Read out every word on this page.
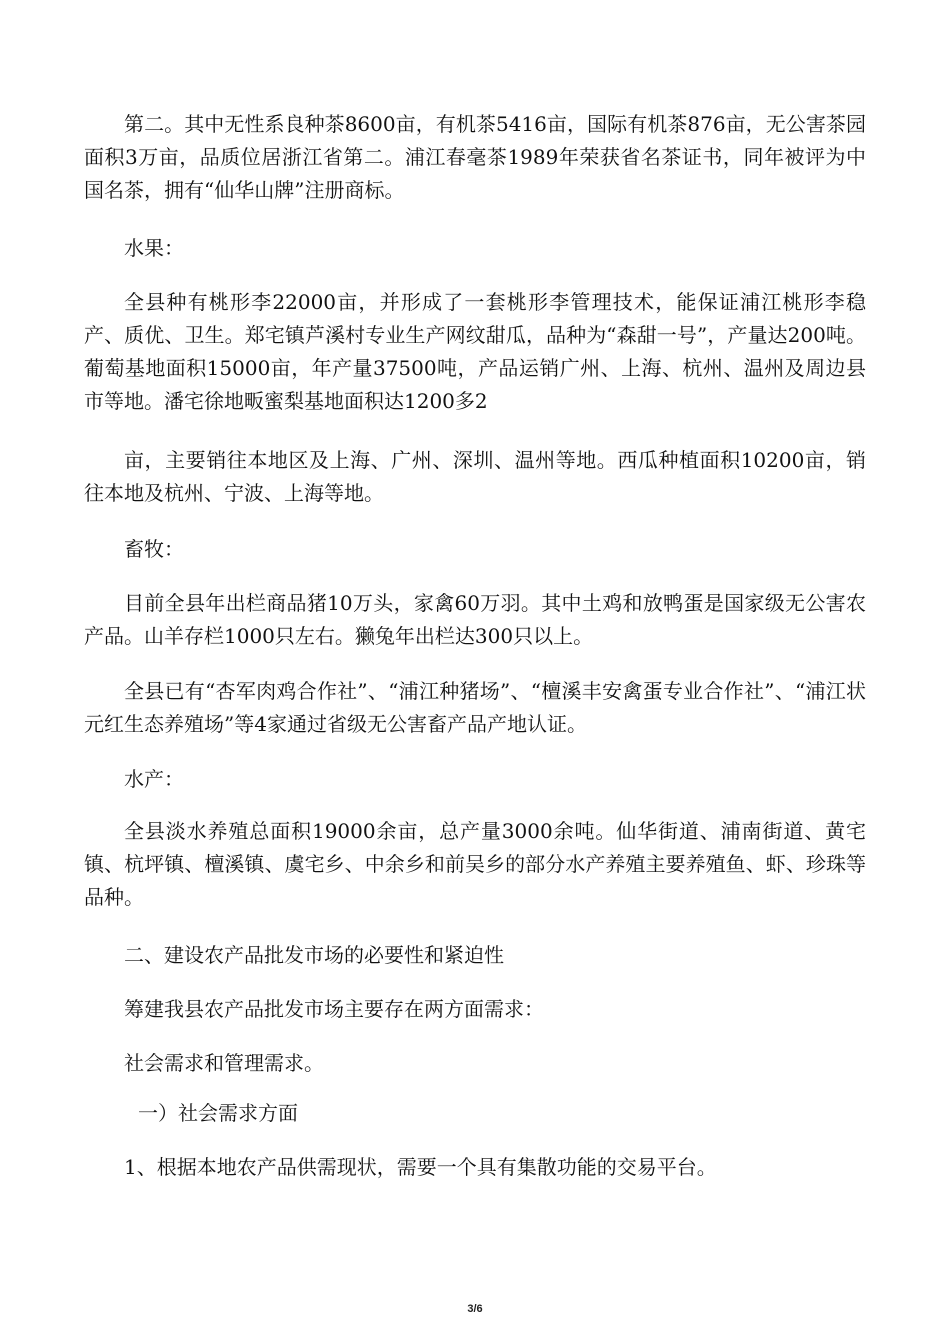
第二。其中无性系良种茶8600亩，有机茶5416亩，国际有机茶876亩，无公害茶园面积3万亩，品质位居浙江省第二。浦江春毫茶1989年荣获省名茶证书，同年被评为中国名茶，拥有“仙华山牌”注册商标。

水果：

全县种有桃形李22000亩，并形成了一套桃形李管理技术，能保证浦江桃形李稳产、质优、卫生。郑宅镇芦溪村专业生产网纹甜瓜，品种为“森甜一号”，产量达200吨。葡萄基地面积15000亩，年产量37500吨，产品运销广州、上海、杭州、温州及周边县市等地。潘宅徐地畈蜜梨基地面积达1200多2

亩，主要销往本地区及上海、广州、深圳、温州等地。西瓜种植面积10200亩，销往本地及杭州、宁波、上海等地。

畜牧：

目前全县年出栏商品猪10万头，家禽60万羽。其中土鸡和放鸭蛋是国家级无公害农产品。山羊存栏1000只左右。獭兔年出栏达300只以上。

全县已有“杏军肉鸡合作社”、“浦江种猪场”、“檀溪丰安禽蛋专业合作社”、“浦江状元红生态养殖场”等4家通过省级无公害畜产品产地认证。

水产：

全县淡水养殖总面积19000余亩，总产量3000余吨。仙华街道、浦南街道、黄宅镇、杭坪镇、檀溪镇、虞宅乡、中余乡和前吴乡的部分水产养殖主要养殖鱼、虾、珍珠等品种。

二、建设农产品批发市场的必要性和紧迫性

筹建我县农产品批发市场主要存在两方面需求：

社会需求和管理需求。

一）社会需求方面

1、根据本地农产品供需现状，需要一个具有集散功能的交易平台。

3/6
